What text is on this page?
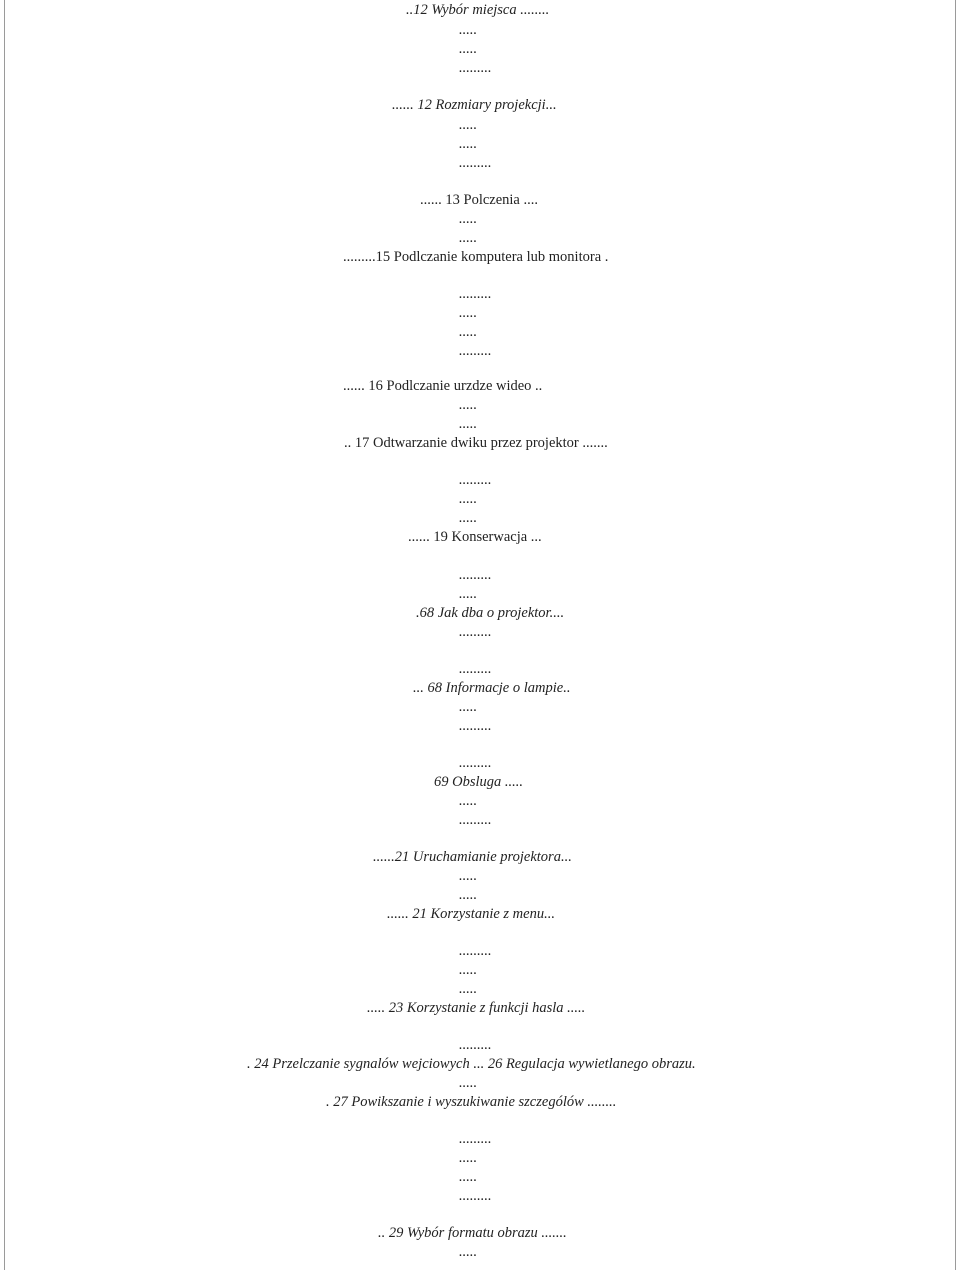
..12 Wybór miejsca ........
.....
.....
.........
...... 12 Rozmiary projekcji...
.....
.....
.........
...... 13 Polczenia ....
.....
.....
.........15 Podlczanie komputera lub monitora .
.........
.....
.....
.........
...... 16 Podlczanie urzdze wideo ..
.....
.....
.. 17 Odtwarzanie dwiku przez projektor .......
.........
.....
.....
...... 19 Konserwacja ...
.........
.....
.68 Jak dba o projektor....
.........
.........
... 68 Informacje o lampie..
.....
.........
.........
69 Obsluga .....
.....
.........
......21 Uruchamianie projektora...
.....
.....
...... 21 Korzystanie z menu...
.........
.....
.....
..... 23 Korzystanie z funkcji hasla .....
.........
. 24 Przelczanie sygnalów wejciowych ... 26 Regulacja wywietlanego obrazu.
.....
. 27 Powikszanie i wyszukiwanie szczególów ........
.........
.....
.....
.........
.. 29 Wybór formatu obrazu .......
.....
